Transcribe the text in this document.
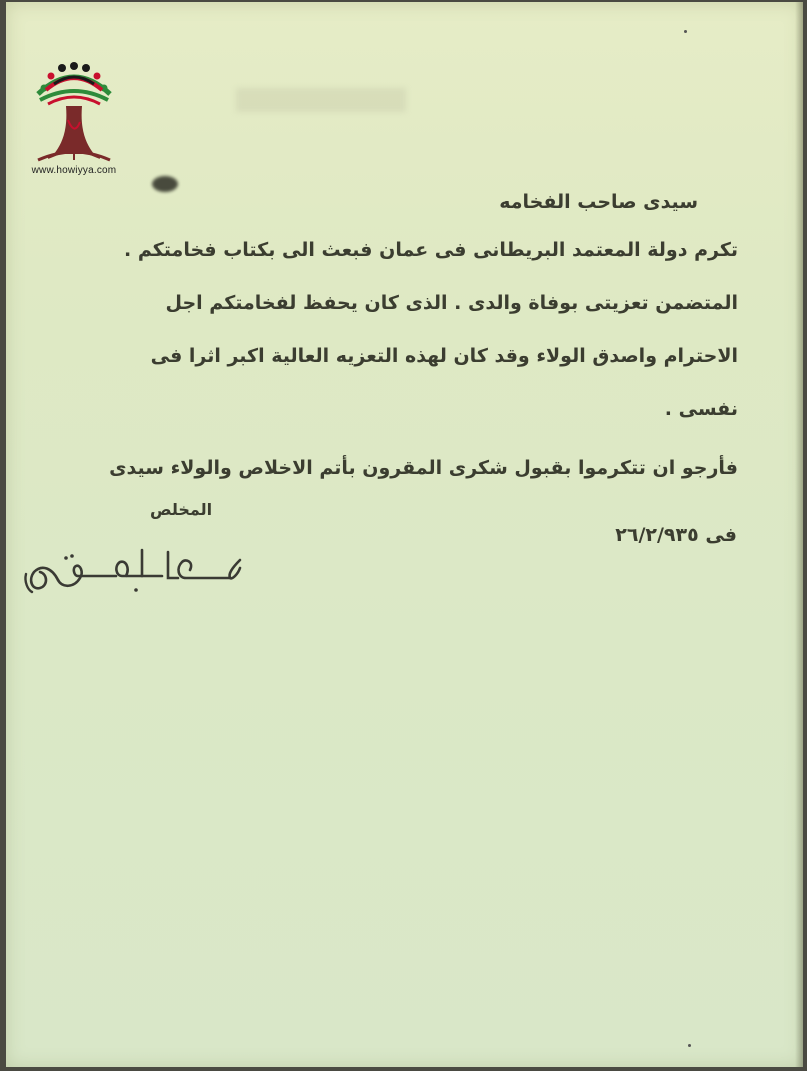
www.howiyya.com

سيدى صاحب الفخامه

تكرم دولة المعتمد البريطانى فى عمان فبعث الى بكتاب فخامتكم .

المتضمن تعزيتى بوفاة والدى . الذى كان يحفظ لفخامتكم اجل

الاحترام واصدق الولاء وقد كان لهذه التعزيه العالية اكبر اثرا فى

نفسى .

فأرجو ان تتكرموا بقبول شكرى المقرون بأتم الاخلاص والولاء سيدى

المخلص
فى ٢٦/٢/٩٣٥
